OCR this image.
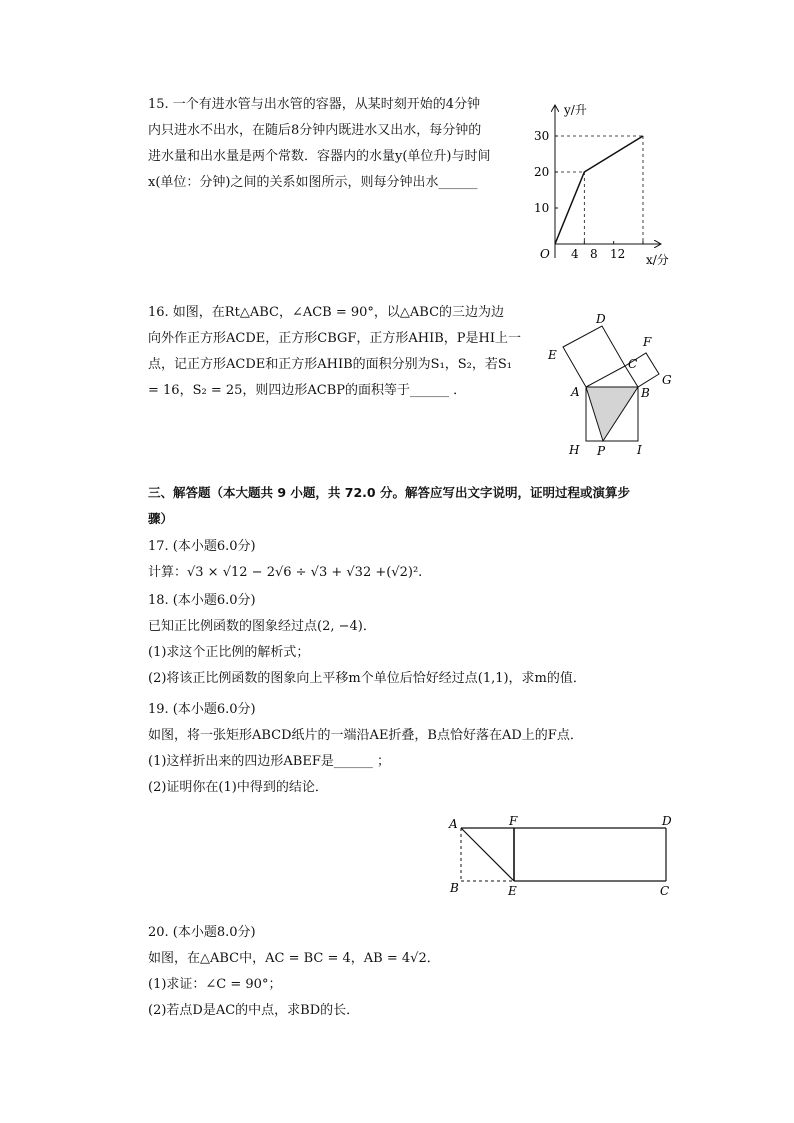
15. 一个有进水管与出水管的容器，从某时刻开始的4分钟
内只进水不出水，在随后8分钟内既进水又出水，每分钟的
进水量和出水量是两个常数．容器内的水量y(单位升)与时间
x(单位：分钟)之间的关系如图所示，则每分钟出水______
y/升
x/分
O
10
20
30
4 8 12
16. 如图，在Rt△ABC，∠ACB = 90°，以△ABC的三边为边
向外作正方形ACDE，正方形CBGF，正方形AHIB，P是HI上一
点，记正方形ACDE和正方形AHIB的面积分别为S₁，S₂，若S₁
= 16，S₂ = 25，则四边形ACBP的面积等于______ ．
D
F
E
C
G
A	B
H P	I
三、解答题（本大题共 9 小题，共 72.0 分。解答应写出文字说明，证明过程或演算步
骤）
17. (本小题6.0分)
计算：√3 × √12 − 2√6 ÷ √3 + √32 +(√2)².
18. (本小题6.0分)
已知正比例函数的图象经过点(2, −4)．
(1)求这个正比例的解析式；
(2)将该正比例函数的图象向上平移m个单位后恰好经过点(1,1)，求m的值．
19. (本小题6.0分)
如图，将一张矩形ABCD纸片的一端沿AE折叠，B点恰好落在AD上的F点．
(1)这样折出来的四边形ABEF是______ ；
(2)证明你在(1)中得到的结论．
A	F	D
B	E	C
20. (本小题8.0分)
如图，在△ABC中，AC = BC = 4，AB = 4√2．
(1)求证：∠C = 90°；
(2)若点D是AC的中点，求BD的长．
